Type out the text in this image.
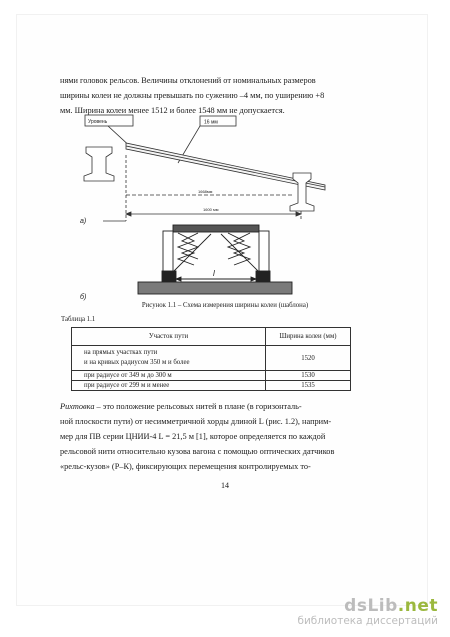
нями головок рельсов. Величины отклонений от номинальных размеров
ширины колеи не должны превышать по сужению –4 мм, по уширению +8
мм. Ширина колеи менее 1512 и более 1548 мм не допускается.
Уровень	16 мм
1668мм
1600 мм
а)
l
б)
Рисунок 1.1 – Схема измерения ширины колеи (шаблона)
Таблица 1.1
Участок пути	Ширина колеи (мм)

на прямых участках пути
и на кривых радиусом 350 м и более	1520
при радиусе от 349 м до 300 м	1530
при радиусе от 299 м и менее	1535
Рихтовка – это положение рельсовых нитей в плане (в горизонталь-
ной плоскости пути) от несимметричной хорды длиной L (рис. 1.2), наприм-
мер для ПВ серии ЦНИИ-4 L = 21,5 м [1], которое определяется по каждой
рельсовой нити относительно кузова вагона с помощью оптических датчиков
«рельс-кузов» (Р–К), фиксирующих перемещения контролируемых то-
14
dsLib.net
библиотека диссертаций
